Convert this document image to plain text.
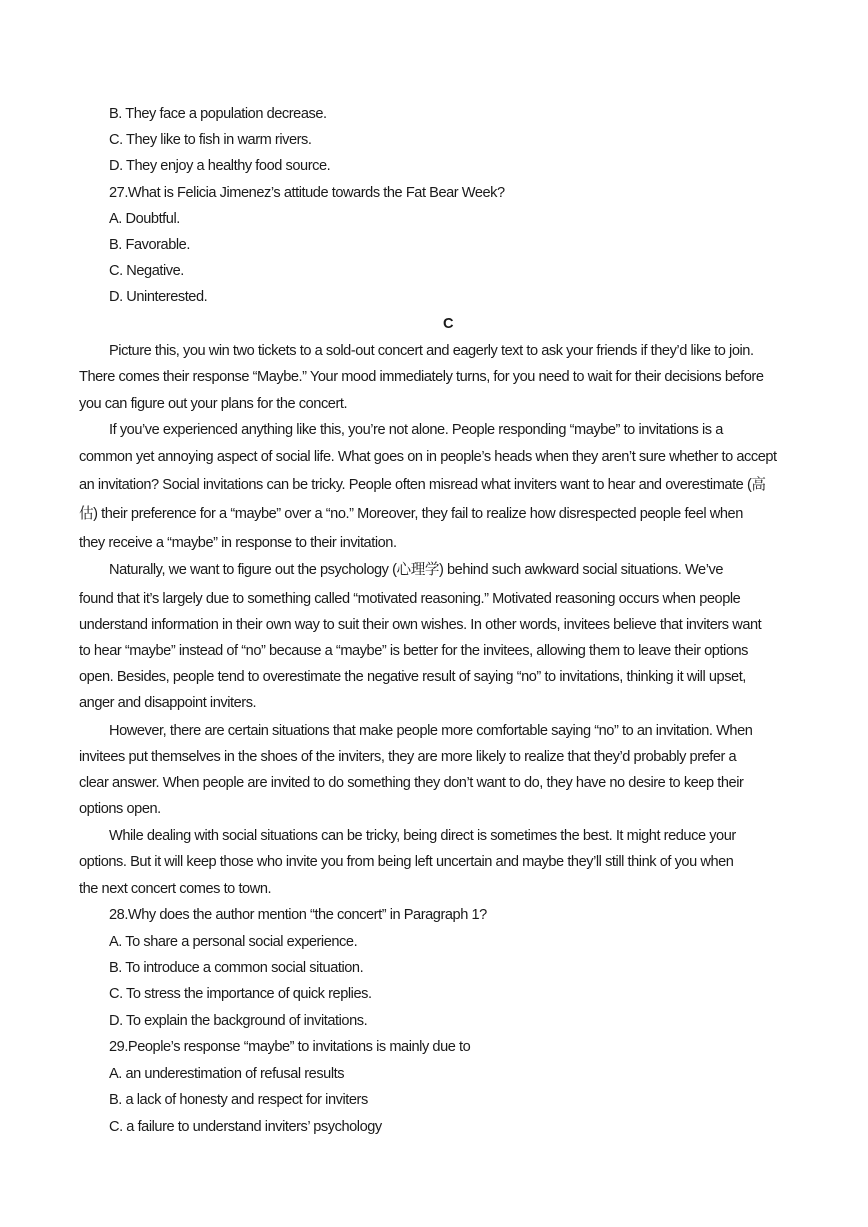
B. They face a population decrease.
C. They like to fish in warm rivers.
D. They enjoy a healthy food source.
27.What is Felicia Jimenez’s attitude towards the Fat Bear Week?
A. Doubtful.
B. Favorable.
C. Negative.
D. Uninterested.
C
Picture this, you win two tickets to a sold-out concert and eagerly text to ask your friends if they’d like to join.
There comes their response “Maybe.” Your mood immediately turns, for you need to wait for their decisions before
you can figure out your plans for the concert.
If you’ve experienced anything like this, you’re not alone. People responding “maybe” to invitations is a
common yet annoying aspect of social life. What goes on in people’s heads when they aren’t sure whether to accept
an invitation? Social invitations can be tricky. People often misread what inviters want to hear and overestimate (高
估) their preference for a “maybe” over a “no.” Moreover, they fail to realize how disrespected people feel when
they receive a “maybe” in response to their invitation.
Naturally, we want to figure out the psychology (心理学) behind such awkward social situations. We’ve
found that it’s largely due to something called “motivated reasoning.” Motivated reasoning occurs when people
understand information in their own way to suit their own wishes. In other words, invitees believe that inviters want
to hear “maybe” instead of “no” because a “maybe” is better for the invitees, allowing them to leave their options
open. Besides, people tend to overestimate the negative result of saying “no” to invitations, thinking it will upset,
anger and disappoint inviters.
However, there are certain situations that make people more comfortable saying “no” to an invitation. When
invitees put themselves in the shoes of the inviters, they are more likely to realize that they’d probably prefer a
clear answer. When people are invited to do something they don’t want to do, they have no desire to keep their
options open.
While dealing with social situations can be tricky, being direct is sometimes the best. It might reduce your
options. But it will keep those who invite you from being left uncertain and maybe they’ll still think of you when
the next concert comes to town.
28.Why does the author mention “the concert” in Paragraph 1?
A. To share a personal social experience.
B. To introduce a common social situation.
C. To stress the importance of quick replies.
D. To explain the background of invitations.
29.People’s response “maybe” to invitations is mainly due to
A. an underestimation of refusal results
B. a lack of honesty and respect for inviters
C. a failure to understand inviters’ psychology
